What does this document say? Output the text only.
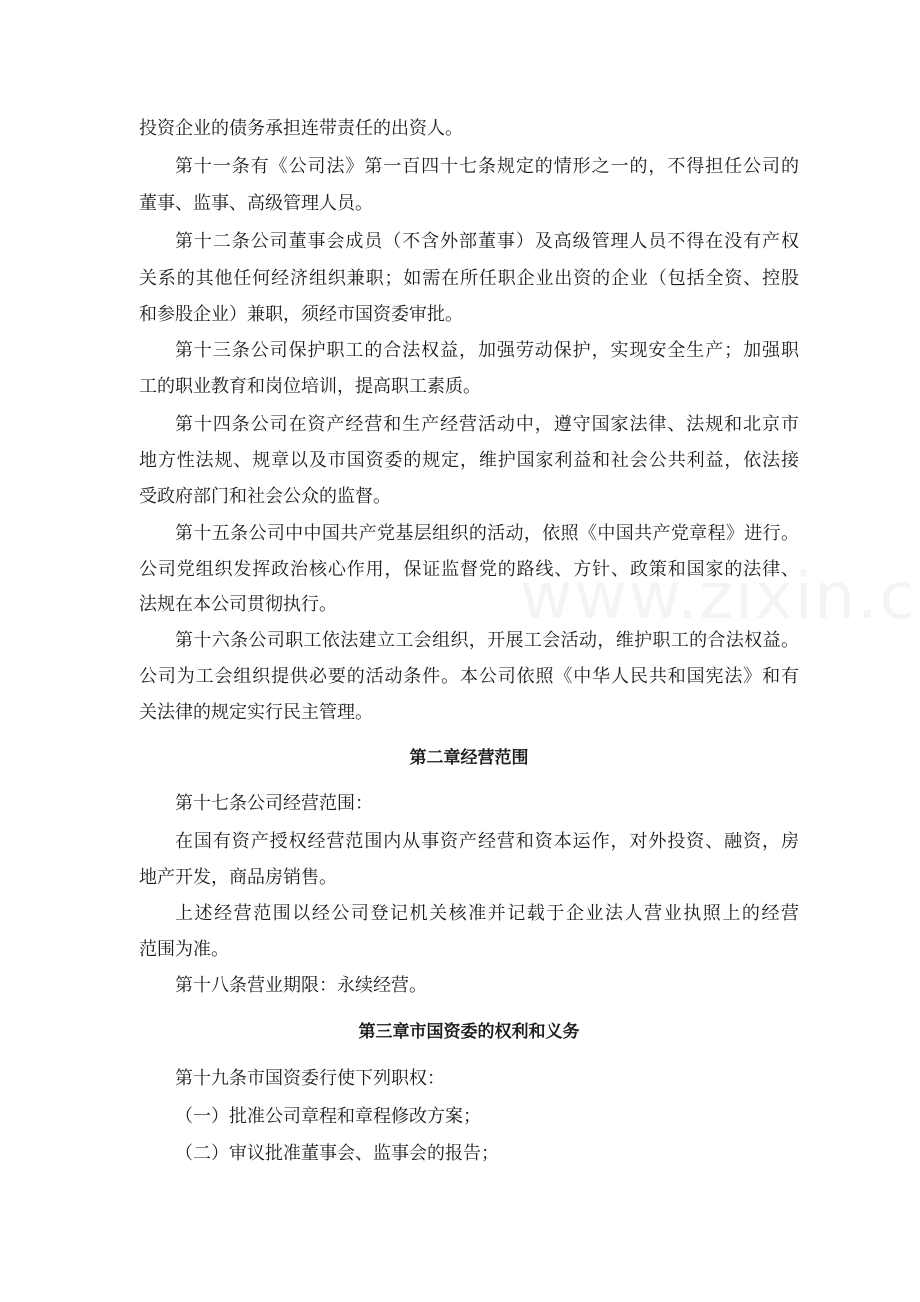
投资企业的债务承担连带责任的出资人。
第十一条有《公司法》第一百四十七条规定的情形之一的，不得担任公司的
董事、监事、高级管理人员。
第十二条公司董事会成员（不含外部董事）及高级管理人员不得在没有产权
关系的其他任何经济组织兼职；如需在所任职企业出资的企业（包括全资、控股
和参股企业）兼职，须经市国资委审批。
第十三条公司保护职工的合法权益，加强劳动保护，实现安全生产；加强职
工的职业教育和岗位培训，提高职工素质。
第十四条公司在资产经营和生产经营活动中，遵守国家法律、法规和北京市
地方性法规、规章以及市国资委的规定，维护国家利益和社会公共利益，依法接
受政府部门和社会公众的监督。
第十五条公司中中国共产党基层组织的活动，依照《中国共产党章程》进行。
公司党组织发挥政治核心作用，保证监督党的路线、方针、政策和国家的法律、
法规在本公司贯彻执行。
第十六条公司职工依法建立工会组织，开展工会活动，维护职工的合法权益。
公司为工会组织提供必要的活动条件。本公司依照《中华人民共和国宪法》和有
关法律的规定实行民主管理。
第二章经营范围
第十七条公司经营范围：
在国有资产授权经营范围内从事资产经营和资本运作，对外投资、融资，房
地产开发，商品房销售。
上述经营范围以经公司登记机关核准并记载于企业法人营业执照上的经营
范围为准。
第十八条营业期限：永续经营。
第三章市国资委的权利和义务
第十九条市国资委行使下列职权：
（一）批准公司章程和章程修改方案；
（二）审议批准董事会、监事会的报告；
